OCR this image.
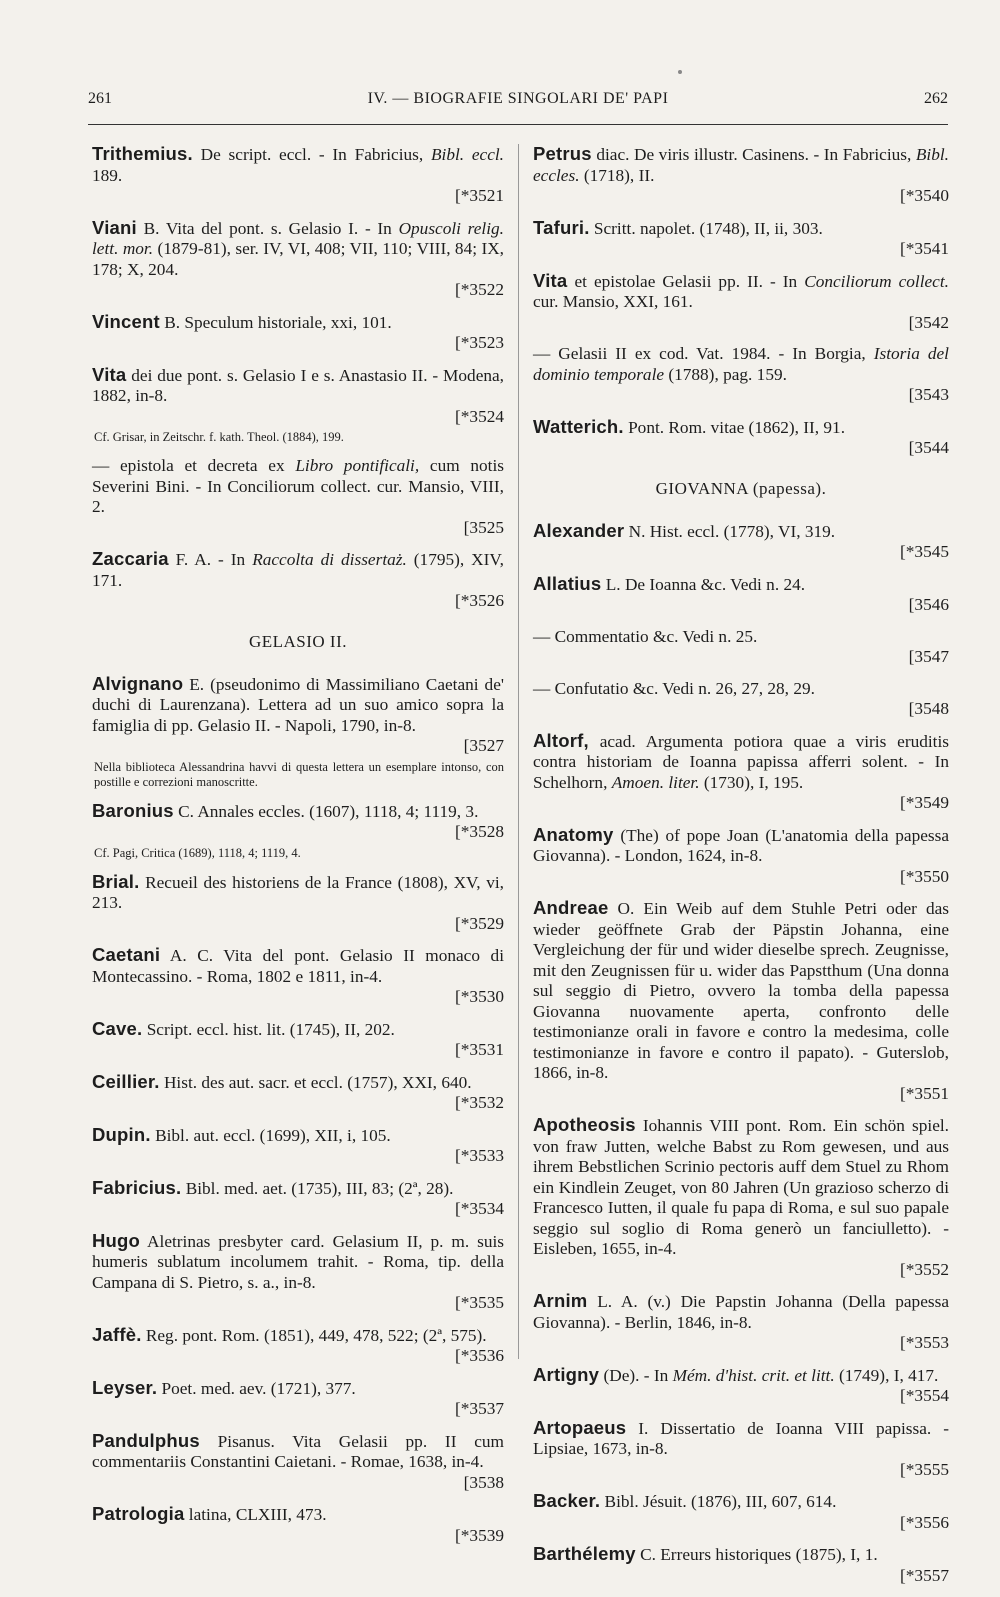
261	IV. — BIOGRAFIE SINGOLARI DE' PAPI	262
Trithemius. De script. eccl. - In Fabricius, Bibl. eccl. 189.
[*3521
Viani B. Vita del pont. s. Gelasio I. - In Opuscoli relig. lett. mor. (1879-81), ser. IV, VI, 408; VII, 110; VIII, 84; IX, 178; X, 204.
[*3522
Vincent B. Speculum historiale, xxi, 101.
[*3523
Vita dei due pont. s. Gelasio I e s. Anastasio II. - Modena, 1882, in-8.
[*3524
Cf. Grisar, in Zeitschr. f. kath. Theol. (1884), 199.
— epistola et decreta ex Libro pontificali, cum notis Severini Bini. - In Conciliorum collect. cur. Mansio, VIII, 2.
[3525
Zaccaria F. A. - In Raccolta di dissertaż. (1795), XIV, 171.
[*3526
GELASIO II.
Alvignano E. (pseudonimo di Massimiliano Caetani de' duchi di Laurenzana). Lettera ad un suo amico sopra la famiglia di pp. Gelasio II. - Napoli, 1790, in-8.
[3527
Nella biblioteca Alessandrina havvi di questa lettera un esemplare intonso, con postille e correzioni manoscritte.
Baronius C. Annales eccles. (1607), 1118, 4; 1119, 3.
[*3528
Cf. Pagi, Critica (1689), 1118, 4; 1119, 4.
Brial. Recueil des historiens de la France (1808), XV, vi, 213.
[*3529
Caetani A. C. Vita del pont. Gelasio II monaco di Montecassino. - Roma, 1802 e 1811, in-4.
[*3530
Cave. Script. eccl. hist. lit. (1745), II, 202.
[*3531
Ceillier. Hist. des aut. sacr. et eccl. (1757), XXI, 640.
[*3532
Dupin. Bibl. aut. eccl. (1699), XII, i, 105.
[*3533
Fabricius. Bibl. med. aet. (1735), III, 83; (2ª, 28).
[*3534
Hugo Aletrinas presbyter card. Gelasium II, p. m. suis humeris sublatum incolumem trahit. - Roma, tip. della Campana di S. Pietro, s. a., in-8.
[*3535
Jaffè. Reg. pont. Rom. (1851), 449, 478, 522; (2ª, 575).
[*3536
Leyser. Poet. med. aev. (1721), 377.
[*3537
Pandulphus Pisanus. Vita Gelasii pp. II cum commentariis Constantini Caietani. - Romae, 1638, in-4.
[3538
Patrologia latina, CLXIII, 473.
[*3539
Petrus diac. De viris illustr. Casinens. - In Fabricius, Bibl. eccles. (1718), II.
[*3540
Tafuri. Scritt. napolet. (1748), II, ii, 303.
[*3541
Vita et epistolae Gelasii pp. II. - In Conciliorum collect. cur. Mansio, XXI, 161.
[3542
— Gelasii II ex cod. Vat. 1984. - In Borgia, Istoria del dominio temporale (1788), pag. 159.
[3543
Watterich. Pont. Rom. vitae (1862), II, 91.
[3544
GIOVANNA (papessa).
Alexander N. Hist. eccl. (1778), VI, 319.
[*3545
Allatius L. De Ioanna &c. Vedi n. 24.
[3546
— Commentatio &c. Vedi n. 25.
[3547
— Confutatio &c. Vedi n. 26, 27, 28, 29.
[3548
Altorf, acad. Argumenta potiora quae a viris eruditis contra historiam de Ioanna papissa afferri solent. - In Schelhorn, Amoen. liter. (1730), I, 195.
[*3549
Anatomy (The) of pope Joan (L'anatomia della papessa Giovanna). - London, 1624, in-8.
[*3550
Andreae O. Ein Weib auf dem Stuhle Petri oder das wieder geöffnete Grab der Päpstin Johanna, eine Vergleichung der für und wider dieselbe sprech. Zeugnisse, mit den Zeugnissen für u. wider das Papstthum (Una donna sul seggio di Pietro, ovvero la tomba della papessa Giovanna nuovamente aperta, confronto delle testimonianze orali in favore e contro la medesima, colle testimonianze in favore e contro il papato). - Guterslob, 1866, in-8.
[*3551
Apotheosis Iohannis VIII pont. Rom. Ein schön spiel. von fraw Jutten, welche Babst zu Rom gewesen, und aus ihrem Bebstlichen Scrinio pectoris auff dem Stuel zu Rhom ein Kindlein Zeuget, von 80 Jahren (Un grazioso scherzo di Francesco Iutten, il quale fu papa di Roma, e sul suo papale seggio sul soglio di Roma generò un fanciulletto). - Eisleben, 1655, in-4.
[*3552
Arnim L. A. (v.) Die Papstin Johanna (Della papessa Giovanna). - Berlin, 1846, in-8.
[*3553
Artigny (De). - In Mém. d'hist. crit. et litt. (1749), I, 417.
[*3554
Artopaeus I. Dissertatio de Ioanna VIII papissa. - Lipsiae, 1673, in-8.
[*3555
Backer. Bibl. Jésuit. (1876), III, 607, 614.
[*3556
Barthélemy C. Erreurs historiques (1875), I, 1.
[*3557
